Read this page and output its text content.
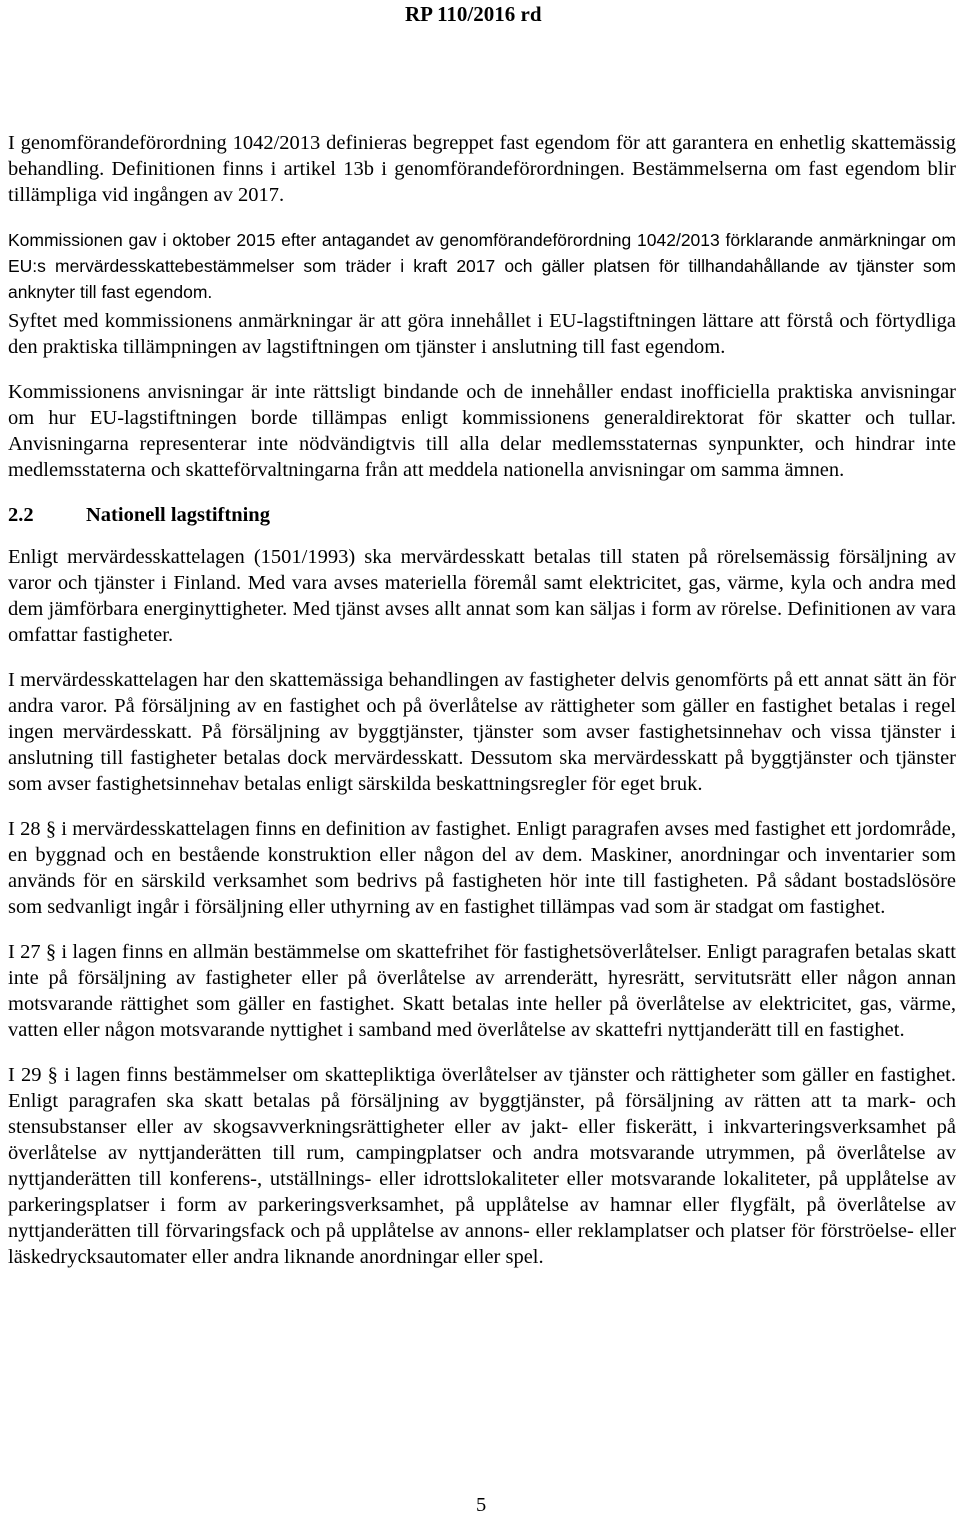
RP 110/2016 rd

I genomförandeförordning 1042/2013 definieras begreppet fast egendom för att garantera en enhetlig skattemässig behandling. Definitionen finns i artikel 13b i genomförandeförordningen. Bestämmelserna om fast egendom blir tillämpliga vid ingången av 2017.

Kommissionen gav i oktober 2015 efter antagandet av genomförandeförordning 1042/2013 förklarande anmärkningar om EU:s mervärdesskattebestämmelser som träder i kraft 2017 och gäller platsen för tillhandahållande av tjänster som anknyter till fast egendom.

Syftet med kommissionens anmärkningar är att göra innehållet i EU-lagstiftningen lättare att förstå och förtydliga den praktiska tillämpningen av lagstiftningen om tjänster i anslutning till fast egendom.

Kommissionens anvisningar är inte rättsligt bindande och de innehåller endast inofficiella praktiska anvisningar om hur EU-lagstiftningen borde tillämpas enligt kommissionens generaldirektorat för skatter och tullar. Anvisningarna representerar inte nödvändigtvis till alla delar medlemsstaternas synpunkter, och hindrar inte medlemsstaterna och skatteförvaltningarna från att meddela nationella anvisningar om samma ämnen.

2.2	Nationell lagstiftning

Enligt mervärdesskattelagen (1501/1993) ska mervärdesskatt betalas till staten på rörelsemässig försäljning av varor och tjänster i Finland. Med vara avses materiella föremål samt elektricitet, gas, värme, kyla och andra med dem jämförbara energinyttigheter. Med tjänst avses allt annat som kan säljas i form av rörelse. Definitionen av vara omfattar fastigheter.

I mervärdesskattelagen har den skattemässiga behandlingen av fastigheter delvis genomförts på ett annat sätt än för andra varor. På försäljning av en fastighet och på överlåtelse av rättigheter som gäller en fastighet betalas i regel ingen mervärdesskatt. På försäljning av byggtjänster, tjänster som avser fastighetsinnehav och vissa tjänster i anslutning till fastigheter betalas dock mervärdesskatt. Dessutom ska mervärdesskatt på byggtjänster och tjänster som avser fastighetsinnehav betalas enligt särskilda beskattningsregler för eget bruk.

I 28 § i mervärdesskattelagen finns en definition av fastighet. Enligt paragrafen avses med fastighet ett jordområde, en byggnad och en bestående konstruktion eller någon del av dem. Maskiner, anordningar och inventarier som används för en särskild verksamhet som bedrivs på fastigheten hör inte till fastigheten. På sådant bostadslösöre som sedvanligt ingår i försäljning eller uthyrning av en fastighet tillämpas vad som är stadgat om fastighet.

I 27 § i lagen finns en allmän bestämmelse om skattefrihet för fastighetsöverlåtelser. Enligt paragrafen betalas skatt inte på försäljning av fastigheter eller på överlåtelse av arrenderätt, hyresrätt, servitutsrätt eller någon annan motsvarande rättighet som gäller en fastighet. Skatt betalas inte heller på överlåtelse av elektricitet, gas, värme, vatten eller någon motsvarande nyttighet i samband med överlåtelse av skattefri nyttjanderätt till en fastighet.

I 29 § i lagen finns bestämmelser om skattepliktiga överlåtelser av tjänster och rättigheter som gäller en fastighet. Enligt paragrafen ska skatt betalas på försäljning av byggtjänster, på försäljning av rätten att ta mark- och stensubstanser eller av skogsavverkningsrättigheter eller av jakt- eller fiskerätt, i inkvarteringsverksamhet på överlåtelse av nyttjanderätten till rum, campingplatser och andra motsvarande utrymmen, på överlåtelse av nyttjanderätten till konferens-, utställnings- eller idrottslokaliteter eller motsvarande lokaliteter, på upplåtelse av parkeringsplatser i form av parkeringsverksamhet, på upplåtelse av hamnar eller flygfält, på överlåtelse av nyttjanderätten till förvaringsfack och på upplåtelse av annons- eller reklamplatser och platser för förströelse- eller läskedrycksautomater eller andra liknande anordningar eller spel.

5
